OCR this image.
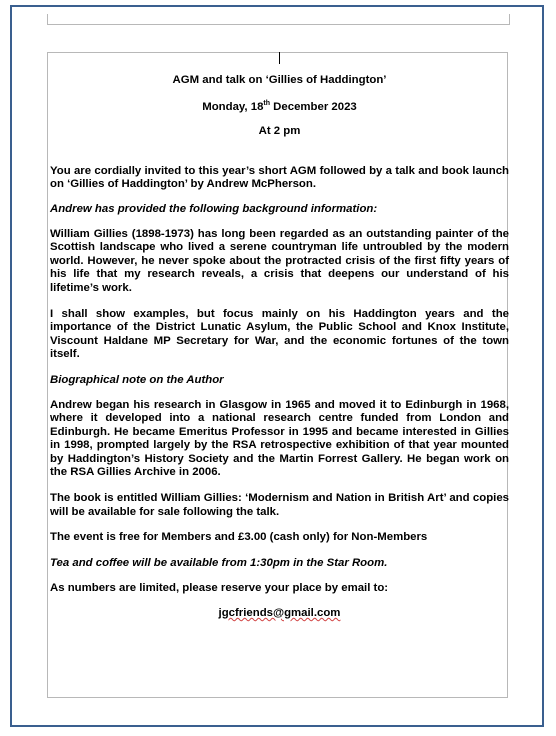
AGM and talk on ‘Gillies of Haddington’

Monday, 18th December 2023

At 2 pm

You are cordially invited to this year’s short AGM followed by a talk and book launch on ‘Gillies of Haddington’ by Andrew McPherson.

Andrew has provided the following background information:

William Gillies (1898-1973) has long been regarded as an outstanding painter of the Scottish landscape who lived a serene countryman life untroubled by the modern world. However, he never spoke about the protracted crisis of the first fifty years of his life that my research reveals, a crisis that deepens our understand of his lifetime’s work.

I shall show examples, but focus mainly on his Haddington years and the importance of the District Lunatic Asylum, the Public School and Knox Institute, Viscount Haldane MP Secretary for War, and the economic fortunes of the town itself.

Biographical note on the Author

Andrew began his research in Glasgow in 1965 and moved it to Edinburgh in 1968, where it developed into a national research centre funded from London and Edinburgh. He became Emeritus Professor in 1995 and became interested in Gillies in 1998, prompted largely by the RSA retrospective exhibition of that year mounted by Haddington’s History Society and the Martin Forrest Gallery. He began work on the RSA Gillies Archive in 2006.

The book is entitled William Gillies: ‘Modernism and Nation in British Art’ and copies will be available for sale following the talk.

The event is free for Members and £3.00 (cash only) for Non-Members

Tea and coffee will be available from 1:30pm in the Star Room.

As numbers are limited, please reserve your place by email to:

jgcfriends@gmail.com
